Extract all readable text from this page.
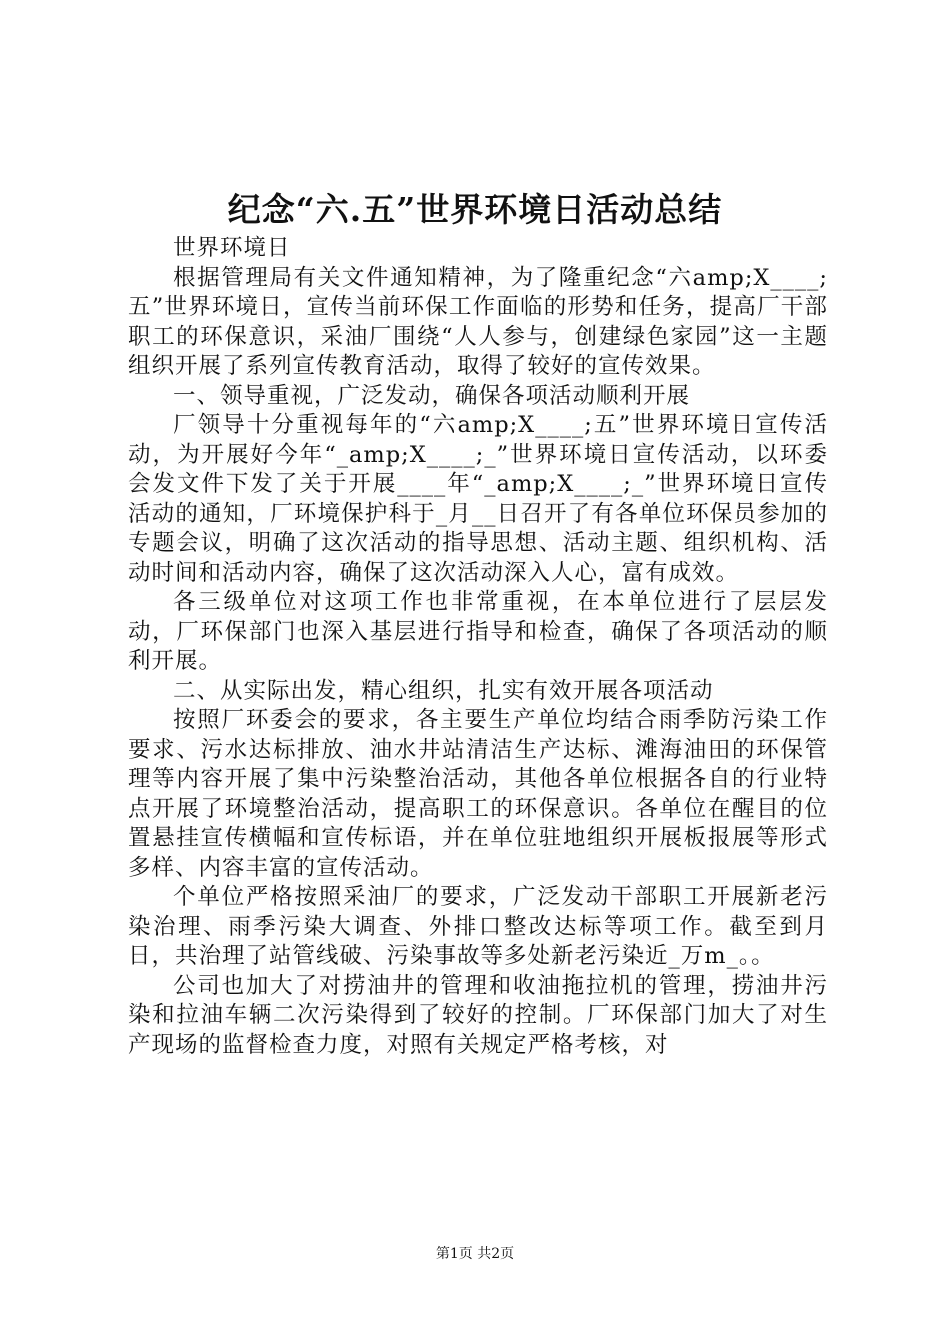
纪念“六.五”世界环境日活动总结

世界环境日

根据管理局有关文件通知精神，为了隆重纪念“六amp;X____;五”世界环境日，宣传当前环保工作面临的形势和任务，提高厂干部职工的环保意识，采油厂围绕“人人参与，创建绿色家园”这一主题组织开展了系列宣传教育活动，取得了较好的宣传效果。

一、领导重视，广泛发动，确保各项活动顺利开展

厂领导十分重视每年的“六amp;X____;五”世界环境日宣传活动，为开展好今年“_amp;X____;_”世界环境日宣传活动，以环委会发文件下发了关于开展____年“_amp;X____;_”世界环境日宣传活动的通知，厂环境保护科于_月__日召开了有各单位环保员参加的专题会议，明确了这次活动的指导思想、活动主题、组织机构、活动时间和活动内容，确保了这次活动深入人心，富有成效。

各三级单位对这项工作也非常重视，在本单位进行了层层发动，厂环保部门也深入基层进行指导和检查，确保了各项活动的顺利开展。

二、从实际出发，精心组织，扎实有效开展各项活动

按照厂环委会的要求，各主要生产单位均结合雨季防污染工作要求、污水达标排放、油水井站清洁生产达标、滩海油田的环保管理等内容开展了集中污染整治活动，其他各单位根据各自的行业特点开展了环境整治活动，提高职工的环保意识。各单位在醒目的位置悬挂宣传横幅和宣传标语，并在单位驻地组织开展板报展等形式多样、内容丰富的宣传活动。

个单位严格按照采油厂的要求，广泛发动干部职工开展新老污染治理、雨季污染大调查、外排口整改达标等项工作。截至到月日，共治理了站管线破、污染事故等多处新老污染近_万m_。。

公司也加大了对捞油井的管理和收油拖拉机的管理，捞油井污染和拉油车辆二次污染得到了较好的控制。厂环保部门加大了对生产现场的监督检查力度，对照有关规定严格考核，对

第1页 共2页
